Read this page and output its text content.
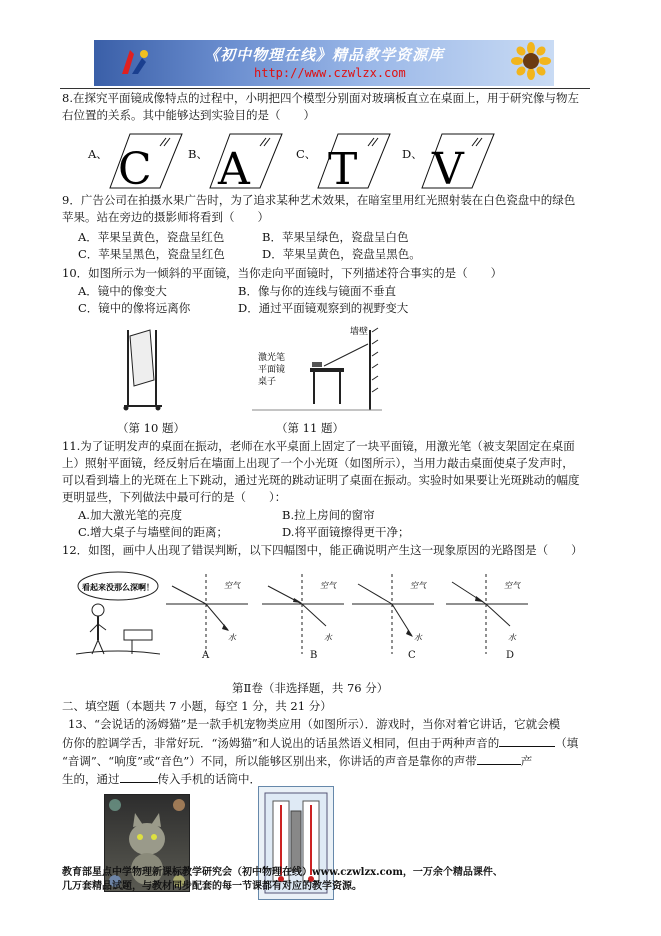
《初中物理在线》精品教学资源库
http://www.czwlzx.com
8.在探究平面镜成像特点的过程中，小明把四个模型分别面对玻璃板直立在桌面上，用于研究像与物左
右位置的关系。其中能够达到实验目的是（　　）
A、 C	B、 A	C、 T	D、 V
9．广告公司在拍摄水果广告时，为了追求某种艺术效果，在暗室里用红光照射装在白色瓷盘中的绿色
苹果。站在旁边的摄影师将看到（　　）
A．苹果呈黄色，瓷盘呈红色	B．苹果呈绿色，瓷盘呈白色
C．苹果呈黑色，瓷盘呈红色	D．苹果呈黄色，瓷盘呈黑色。
10．如图所示为一倾斜的平面镜，当你走向平面镜时，下列描述符合事实的是（　　）
A．镜中的像变大	B．像与你的连线与镜面不垂直
C．镜中的像将远离你	D．通过平面镜观察到的视野变大
（第 10 题）
墙壁
激光笔
平面镜
桌子
（第 11 题）
11.为了证明发声的桌面在振动，老师在水平桌面上固定了一块平面镜，用激光笔（被支架固定在桌面
上）照射平面镜，经反射后在墙面上出现了一个小光斑（如图所示），当用力敲击桌面使桌子发声时，
可以看到墙上的光斑在上下跳动，通过光斑的跳动证明了桌面在振动。实验时如果要让光斑跳动的幅度
更明显些，下列做法中最可行的是（　　）：
A.加大激光笔的亮度	B.拉上房间的窗帘
C.增大桌子与墙壁间的距离；	D.将平面镜擦得更干净；
12．如图，画中人出现了错误判断，以下四幅图中，能正确说明产生这一现象原因的光路图是（　　）
看起来没那么深啊！	空气
水
空气
水
空气
水
空气
水
A	B	C	D
第Ⅱ卷（非选择题，共 76 分）
二、填空题（本题共 7 小题，每空 1 分，共 21 分）
13、“会说话的汤姆猫”是一款手机宠物类应用（如图所示）．游戏时，当你对着它讲话，它就会模
仿你的腔调学舌，非常好玩．“汤姆猫”和人说出的话虽然语义相同，但由于两种声音的	（填
“音调”、“响度”或“音色”）不同，所以能够区别出来，你讲话的声音是靠你的声带	产
生的，通过	传入手机的话筒中．
教育部星点中学物理新课标教学研究会（初中物理在线）www.czwlzx.com，一万余个精品课件、
几万套精品试题，与教材同步配套的每一节课都有对应的教学资源。
